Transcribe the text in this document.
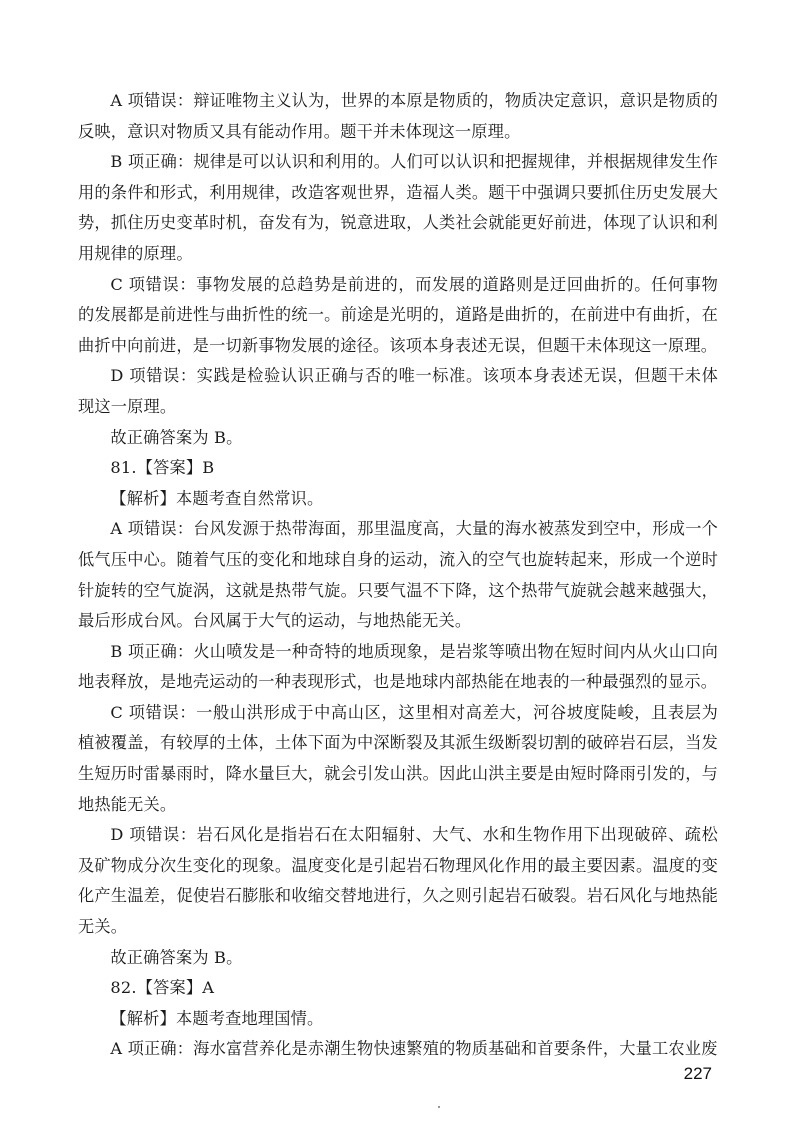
A 项错误：辩证唯物主义认为，世界的本原是物质的，物质决定意识，意识是物质的反映，意识对物质又具有能动作用。题干并未体现这一原理。

B 项正确：规律是可以认识和利用的。人们可以认识和把握规律，并根据规律发生作用的条件和形式，利用规律，改造客观世界，造福人类。题干中强调只要抓住历史发展大势，抓住历史变革时机，奋发有为，锐意进取，人类社会就能更好前进，体现了认识和利用规律的原理。

C 项错误：事物发展的总趋势是前进的，而发展的道路则是迂回曲折的。任何事物的发展都是前进性与曲折性的统一。前途是光明的，道路是曲折的，在前进中有曲折，在曲折中向前进，是一切新事物发展的途径。该项本身表述无误，但题干未体现这一原理。

D 项错误：实践是检验认识正确与否的唯一标准。该项本身表述无误，但题干未体现这一原理。

故正确答案为 B。

81.【答案】B

【解析】本题考查自然常识。

A 项错误：台风发源于热带海面，那里温度高，大量的海水被蒸发到空中，形成一个低气压中心。随着气压的变化和地球自身的运动，流入的空气也旋转起来，形成一个逆时针旋转的空气旋涡，这就是热带气旋。只要气温不下降，这个热带气旋就会越来越强大，最后形成台风。台风属于大气的运动，与地热能无关。

B 项正确：火山喷发是一种奇特的地质现象，是岩浆等喷出物在短时间内从火山口向地表释放，是地壳运动的一种表现形式，也是地球内部热能在地表的一种最强烈的显示。

C 项错误：一般山洪形成于中高山区，这里相对高差大，河谷坡度陡峻，且表层为植被覆盖，有较厚的土体，土体下面为中深断裂及其派生级断裂切割的破碎岩石层，当发生短历时雷暴雨时，降水量巨大，就会引发山洪。因此山洪主要是由短时降雨引发的，与地热能无关。

D 项错误：岩石风化是指岩石在太阳辐射、大气、水和生物作用下出现破碎、疏松及矿物成分次生变化的现象。温度变化是引起岩石物理风化作用的最主要因素。温度的变化产生温差，促使岩石膨胀和收缩交替地进行，久之则引起岩石破裂。岩石风化与地热能无关。

故正确答案为 B。

82.【答案】A

【解析】本题考查地理国情。

A 项正确：海水富营养化是赤潮生物快速繁殖的物质基础和首要条件，大量工农业废

227
